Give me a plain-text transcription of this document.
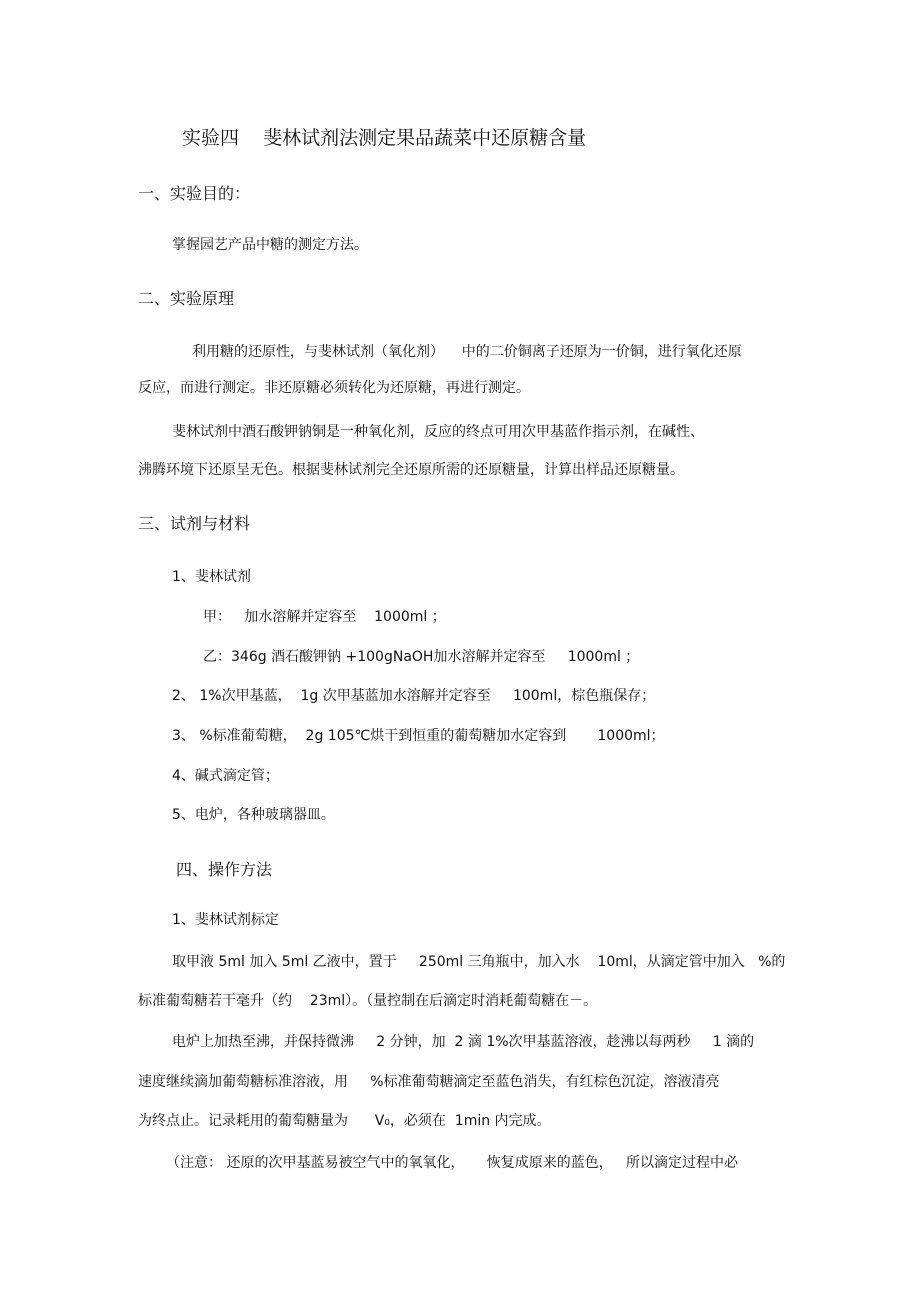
实验四    斐林试剂法测定果品蔬菜中还原糖含量
一、实验目的：
掌握园艺产品中糖的测定方法。
二、实验原理
利用糖的还原性，与斐林试剂（氧化剂）    中的二价铜离子还原为一价铜，进行氧化还原
反应，而进行测定。非还原糖必须转化为还原糖，再进行测定。
斐林试剂中酒石酸钾钠铜是一种氧化剂，反应的终点可用次甲基蓝作指示剂，在碱性、
沸腾环境下还原呈无色。根据斐林试剂完全还原所需的还原糖量，计算出样品还原糖量。
三、试剂与材料
1、斐林试剂
甲：   加水溶解并定容至    1000ml ；
乙：346g 酒石酸钾钠 +100gNaOH加水溶解并定容至     1000ml ；
2、 1%次甲基蓝，  1g 次甲基蓝加水溶解并定容至     100ml，棕色瓶保存；
3、 %标准葡萄糖，  2g 105℃烘干到恒重的葡萄糖加水定容到       1000ml；
4、碱式滴定管；
5、电炉，各种玻璃器皿。
四、操作方法
1、斐林试剂标定
取甲液 5ml 加入 5ml 乙液中，置于     250ml 三角瓶中，加入水    10ml，从滴定管中加入   %的
标准葡萄糖若干毫升（约    23ml）。（量控制在后滴定时消耗葡萄糖在－。
电炉上加热至沸，并保持微沸     2 分钟，加  2 滴 1%次甲基蓝溶液，趁沸以每两秒     1 滴的
速度继续滴加葡萄糖标准溶液，用     %标准葡萄糖滴定至蓝色消失，有红棕色沉淀，溶液清亮
为终点止。记录耗用的葡萄糖量为      V₀，必须在  1min 内完成。
（注意： 还原的次甲基蓝易被空气中的氧氧化，     恢复成原来的蓝色，   所以滴定过程中必
